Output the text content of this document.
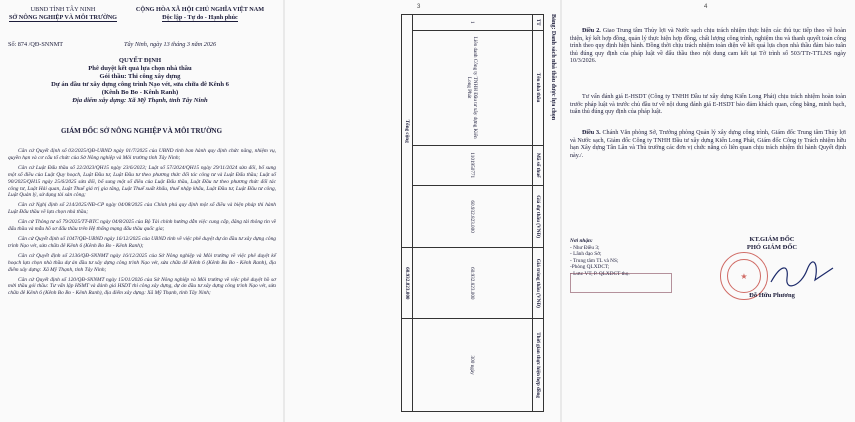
UBND TỈNH TÂY NINH
SỞ NÔNG NGHIỆP VÀ MÔI TRƯỜNG
CỘNG HÒA XÃ HỘI CHỦ NGHĨA VIỆT NAM
Độc lập - Tự do - Hạnh phúc
Số: 874 /QĐ-SNNMT	Tây Ninh, ngày 13 tháng 3 năm 2026
QUYẾT ĐỊNH
Phê duyệt kết quả lựa chọn nhà thầu
Gói thầu: Thi công xây dựng
Dự án đầu tư xây dựng công trình Nạo vét, sửa chữa đê Kênh 6
(Kênh Bo Bo - Kênh Ranh)
Địa điểm xây dựng: Xã Mỹ Thạnh, tỉnh Tây Ninh
GIÁM ĐỐC SỞ NÔNG NGHIỆP VÀ MÔI TRƯỜNG

Căn cứ Quyết định số 03/2025/QĐ-UBND ngày 01/7/2025 của UBND tỉnh ban hành quy định chức năng, nhiệm vụ, quyền hạn và cơ cấu tổ chức của Sở Nông nghiệp và Môi trường tỉnh Tây Ninh;

Căn cứ Luật Đấu thầu số 22/2023/QH15 ngày 23/6/2023; Luật số 57/2024/QH15 ngày 29/11/2024 sửa đổi, bổ sung một số điều của Luật Quy hoạch, Luật Đầu tư, Luật Đầu tư theo phương thức đối tác công tư và Luật Đấu thầu; Luật số 90/2025/QH15 ngày 25/6/2025 sửa đổi, bổ sung một số điều của Luật Đấu thầu, Luật Đầu tư theo phương thức đối tác công tư, Luật Hải quan, Luật Thuế giá trị gia tăng, Luật Thuế xuất khẩu, thuế nhập khẩu, Luật Đầu tư, Luật Đầu tư công, Luật Quản lý, sử dụng tài sản công;

Căn cứ Nghị định số 214/2025/NĐ-CP ngày 04/08/2025 của Chính phủ quy định một số điều và biện pháp thi hành Luật Đấu thầu về lựa chọn nhà thầu;

Căn cứ Thông tư số 79/2025/TT-BTC ngày 04/8/2025 của Bộ Tài chính hướng dẫn việc cung cấp, đăng tải thông tin về đấu thầu và mẫu hồ sơ đấu thầu trên Hệ thống mạng đấu thầu quốc gia;

Căn cứ Quyết định số 1047/QĐ-UBND ngày 16/12/2025 của UBND tỉnh về việc phê duyệt dự án đầu tư xây dựng công trình Nạo vét, sửa chữa đê Kênh 6 (Kênh Bo Bo - Kênh Ranh);

Căn cứ Quyết định số 2136/QĐ-SNNMT ngày 16/12/2025 của Sở Nông nghiệp và Môi trường về việc phê duyệt kế hoạch lựa chọn nhà thầu dự án đầu tư xây dựng công trình Nạo vét, sửa chữa đê Kênh 6 (Kênh Bo Bo - Kênh Ranh), địa điểm xây dựng: Xã Mỹ Thạnh, tỉnh Tây Ninh;

Căn cứ Quyết định số 120/QĐ-SNNMT ngày 15/01/2026 của Sở Nông nghiệp và Môi trường về việc phê duyệt hồ sơ mời thầu gói thầu: Tư vấn lập HSMT và đánh giá HSDT thi công xây dựng, dự án đầu tư xây dựng công trình Nạo vét, sửa chữa đê Kênh 6 (Kênh Bo Bo - Kênh Ranh), địa điểm xây dựng: Xã Mỹ Thạnh, tỉnh Tây Ninh;

3
Bảng: Danh sách nhà thầu được lựa chọn
TT	Tên nhà thầu	Mã số thuế	Giá dự thầu (VNĐ)	Giá trúng thầu (VNĐ)	Thời gian thực hiện hợp đồng
1	Liên danh Công ty TNHH Đầu tư xây dựng Kiến Long Phát	1101950771	60.932.823.000	60.932.823.000	300 ngày
Tổng cộng				60.932.823.000	
4

Điều 2. Giao Trung tâm Thủy lợi và Nước sạch chịu trách nhiệm thực hiện các thủ tục tiếp theo về hoàn thiện, ký kết hợp đồng, quản lý thực hiện hợp đồng, chất lượng công trình, nghiệm thu và thanh quyết toán công trình theo quy định hiện hành. Đồng thời chịu trách nhiệm toàn diện về kết quả lựa chọn nhà thầu đảm bảo tuân thủ đúng quy định của pháp luật về đấu thầu theo nội dung cam kết tại Tờ trình số 503/TTr-TTLNS ngày 10/3/2026.

Tư vấn đánh giá E-HSDT (Công ty TNHH Đầu tư xây dựng Kiến Long Phát) chịu trách nhiệm hoàn toàn trước pháp luật và trước chủ đầu tư về nội dung đánh giá E-HSDT bảo đảm khách quan, công bằng, minh bạch, tuân thủ đúng quy định của pháp luật.

Điều 3. Chánh Văn phòng Sở, Trưởng phòng Quản lý xây dựng công trình, Giám đốc Trung tâm Thủy lợi và Nước sạch, Giám đốc Công ty TNHH Đầu tư xây dựng Kiến Long Phát, Giám đốc Công ty Trách nhiệm hữu hạn Xây dựng Tân Lân và Thủ trưởng các đơn vị chức năng có liên quan chịu trách nhiệm thi hành Quyết định này./.

Nơi nhận:
- Như Điều 3;
- Lãnh đạo Sở;
- Trung tâm TL và NS;
-Phòng QLXDCT;
- Lưu: VT, P. QLXDCT thọ.
KT.GIÁM ĐỐC
PHÓ GIÁM ĐỐC
★
Đỗ Hữu Phương
